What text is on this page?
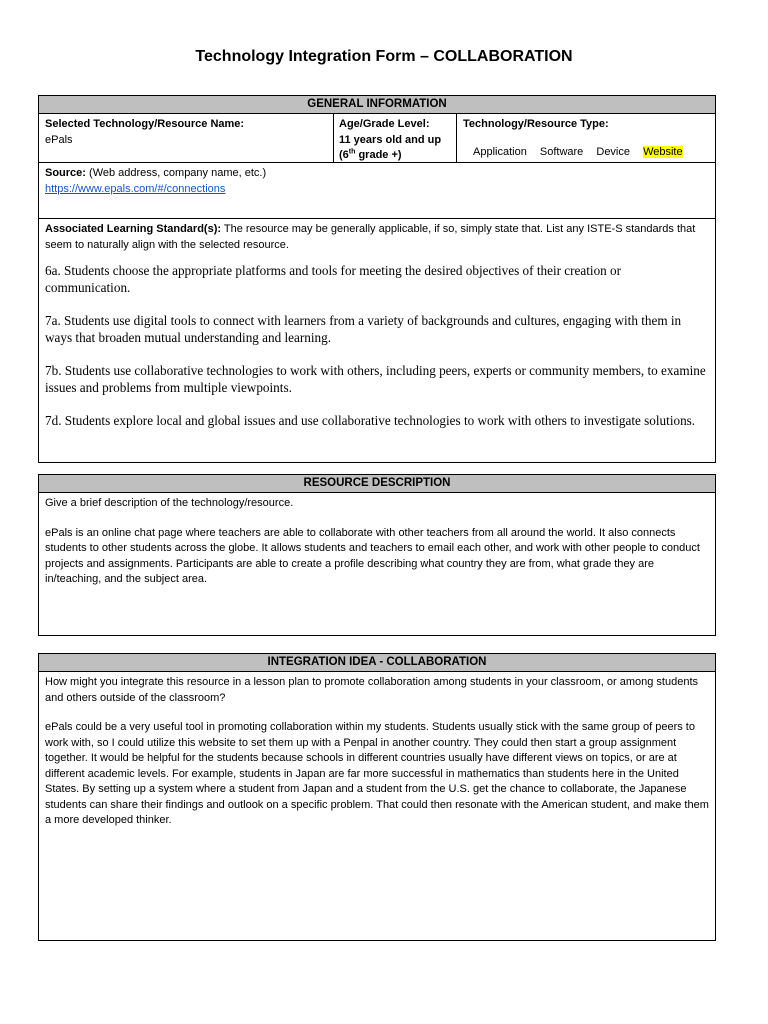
Technology Integration Form – COLLABORATION
GENERAL INFORMATION
Selected Technology/Resource Name:
ePals
Age/Grade Level:
11 years old and up
(6th grade +)
Technology/Resource Type:
Application Software Device Website
Source: (Web address, company name, etc.)
https://www.epals.com/#/connections
Associated Learning Standard(s): The resource may be generally applicable, if so, simply state that. List any ISTE-S standards that seem to naturally align with the selected resource.
6a. Students choose the appropriate platforms and tools for meeting the desired objectives of their creation or communication.
7a. Students use digital tools to connect with learners from a variety of backgrounds and cultures, engaging with them in ways that broaden mutual understanding and learning.
7b. Students use collaborative technologies to work with others, including peers, experts or community members, to examine issues and problems from multiple viewpoints.
7d. Students explore local and global issues and use collaborative technologies to work with others to investigate solutions.
RESOURCE DESCRIPTION
Give a brief description of the technology/resource.
ePals is an online chat page where teachers are able to collaborate with other teachers from all around the world. It also connects students to other students across the globe. It allows students and teachers to email each other, and work with other people to conduct projects and assignments. Participants are able to create a profile describing what country they are from, what grade they are in/teaching, and the subject area.
INTEGRATION IDEA - COLLABORATION
How might you integrate this resource in a lesson plan to promote collaboration among students in your classroom, or among students and others outside of the classroom?
ePals could be a very useful tool in promoting collaboration within my students. Students usually stick with the same group of peers to work with, so I could utilize this website to set them up with a Penpal in another country. They could then start a group assignment together. It would be helpful for the students because schools in different countries usually have different views on topics, or are at different academic levels. For example, students in Japan are far more successful in mathematics than students here in the United States. By setting up a system where a student from Japan and a student from the U.S. get the chance to collaborate, the Japanese students can share their findings and outlook on a specific problem. That could then resonate with the American student, and make them a more developed thinker.
